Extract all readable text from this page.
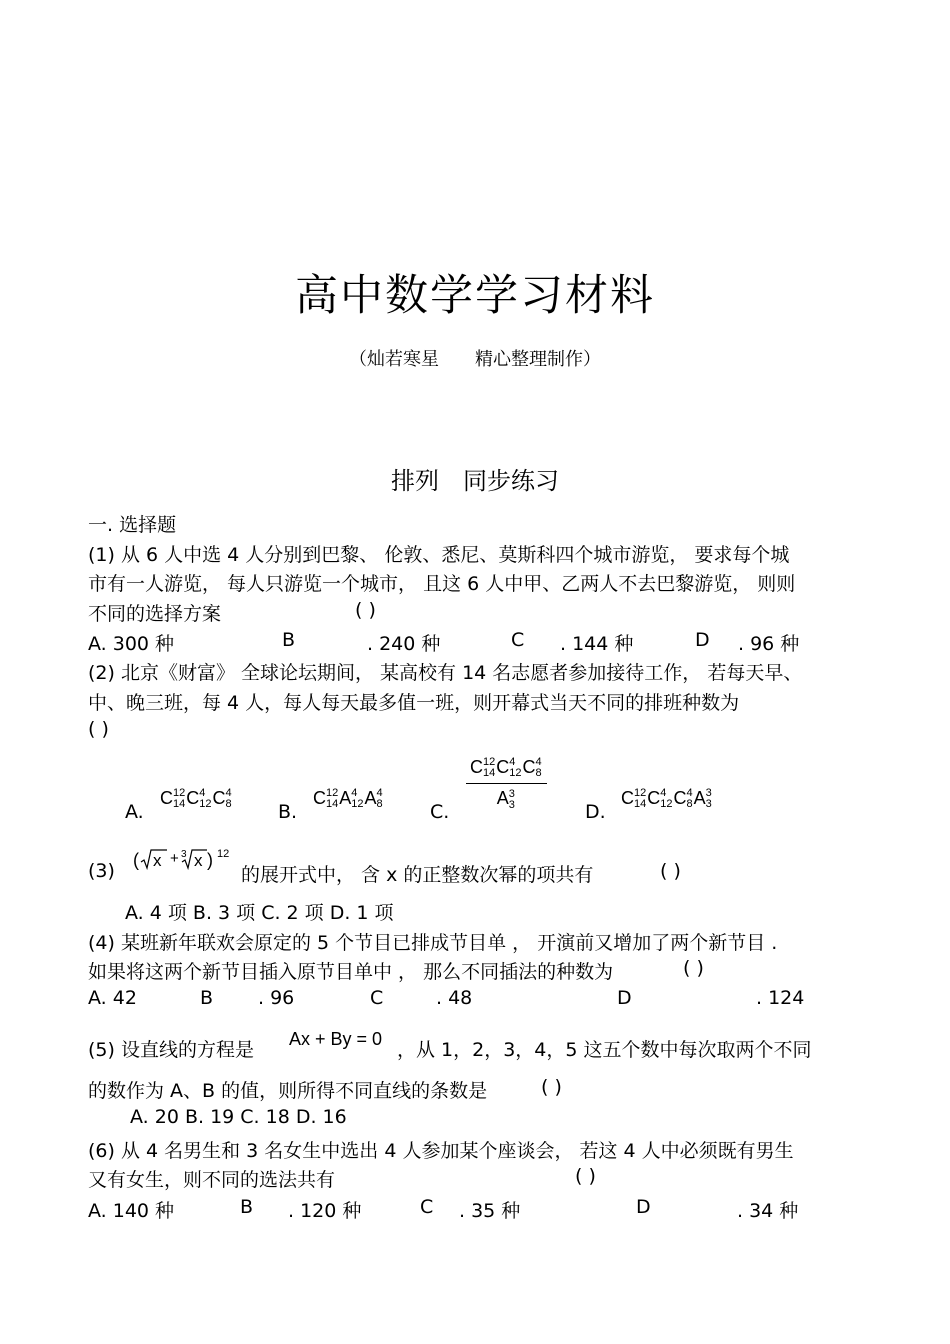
高中数学学习材料
（灿若寒星　　精心整理制作）
排列　同步练习
一. 选择题
(1) 从 6 人中选 4 人分别到巴黎、 伦敦、悉尼、莫斯科四个城市游览， 要求每个城
市有一人游览， 每人只游览一个城市， 且这 6 人中甲、乙两人不去巴黎游览， 则则
不同的选择方案	( )
A. 300 种	B	. 240 种	C . 144 种	D . 96 种
(2) 北京《财富》 全球论坛期间， 某高校有 14 名志愿者参加接待工作， 若每天早、
中、晚三班，每 4 人，每人每天最多值一班，则开幕式当天不同的排班种数为
( )
A.
C 12
14 C 4
12 C 4
8 B.
C 12
14 A 4
12 A 4
8 C.
C 12
14 C 4
12 C 4
8
A 3
3
D.
C 12
14 C 4
12 C 4
8 A 3
3
(3) ( x + 3 x ) 12
的展开式中， 含 x 的正整数次幂的项共有	( )
A. 4 项 B. 3 项 C. 2 项 D. 1 项
(4) 某班新年联欢会原定的 5 个节目已排成节目单 ， 开演前又增加了两个新节目 .
如果将这两个新节目插入原节目单中 ， 那么不同插法的种数为	( )
A. 42	B . 96	C	. 48	D	. 124
(5) 设直线的方程是 Ax + By = 0 ，从 1，2，3，4，5 这五个数中每次取两个不同
的数作为 A、B 的值，则所得不同直线的条数是	( )
A. 20 B. 19 C. 18 D. 16
(6) 从 4 名男生和 3 名女生中选出 4 人参加某个座谈会， 若这 4 人中必须既有男生
又有女生，则不同的选法共有	( )
A. 140 种	B . 120 种	C . 35 种	D	. 34 种
